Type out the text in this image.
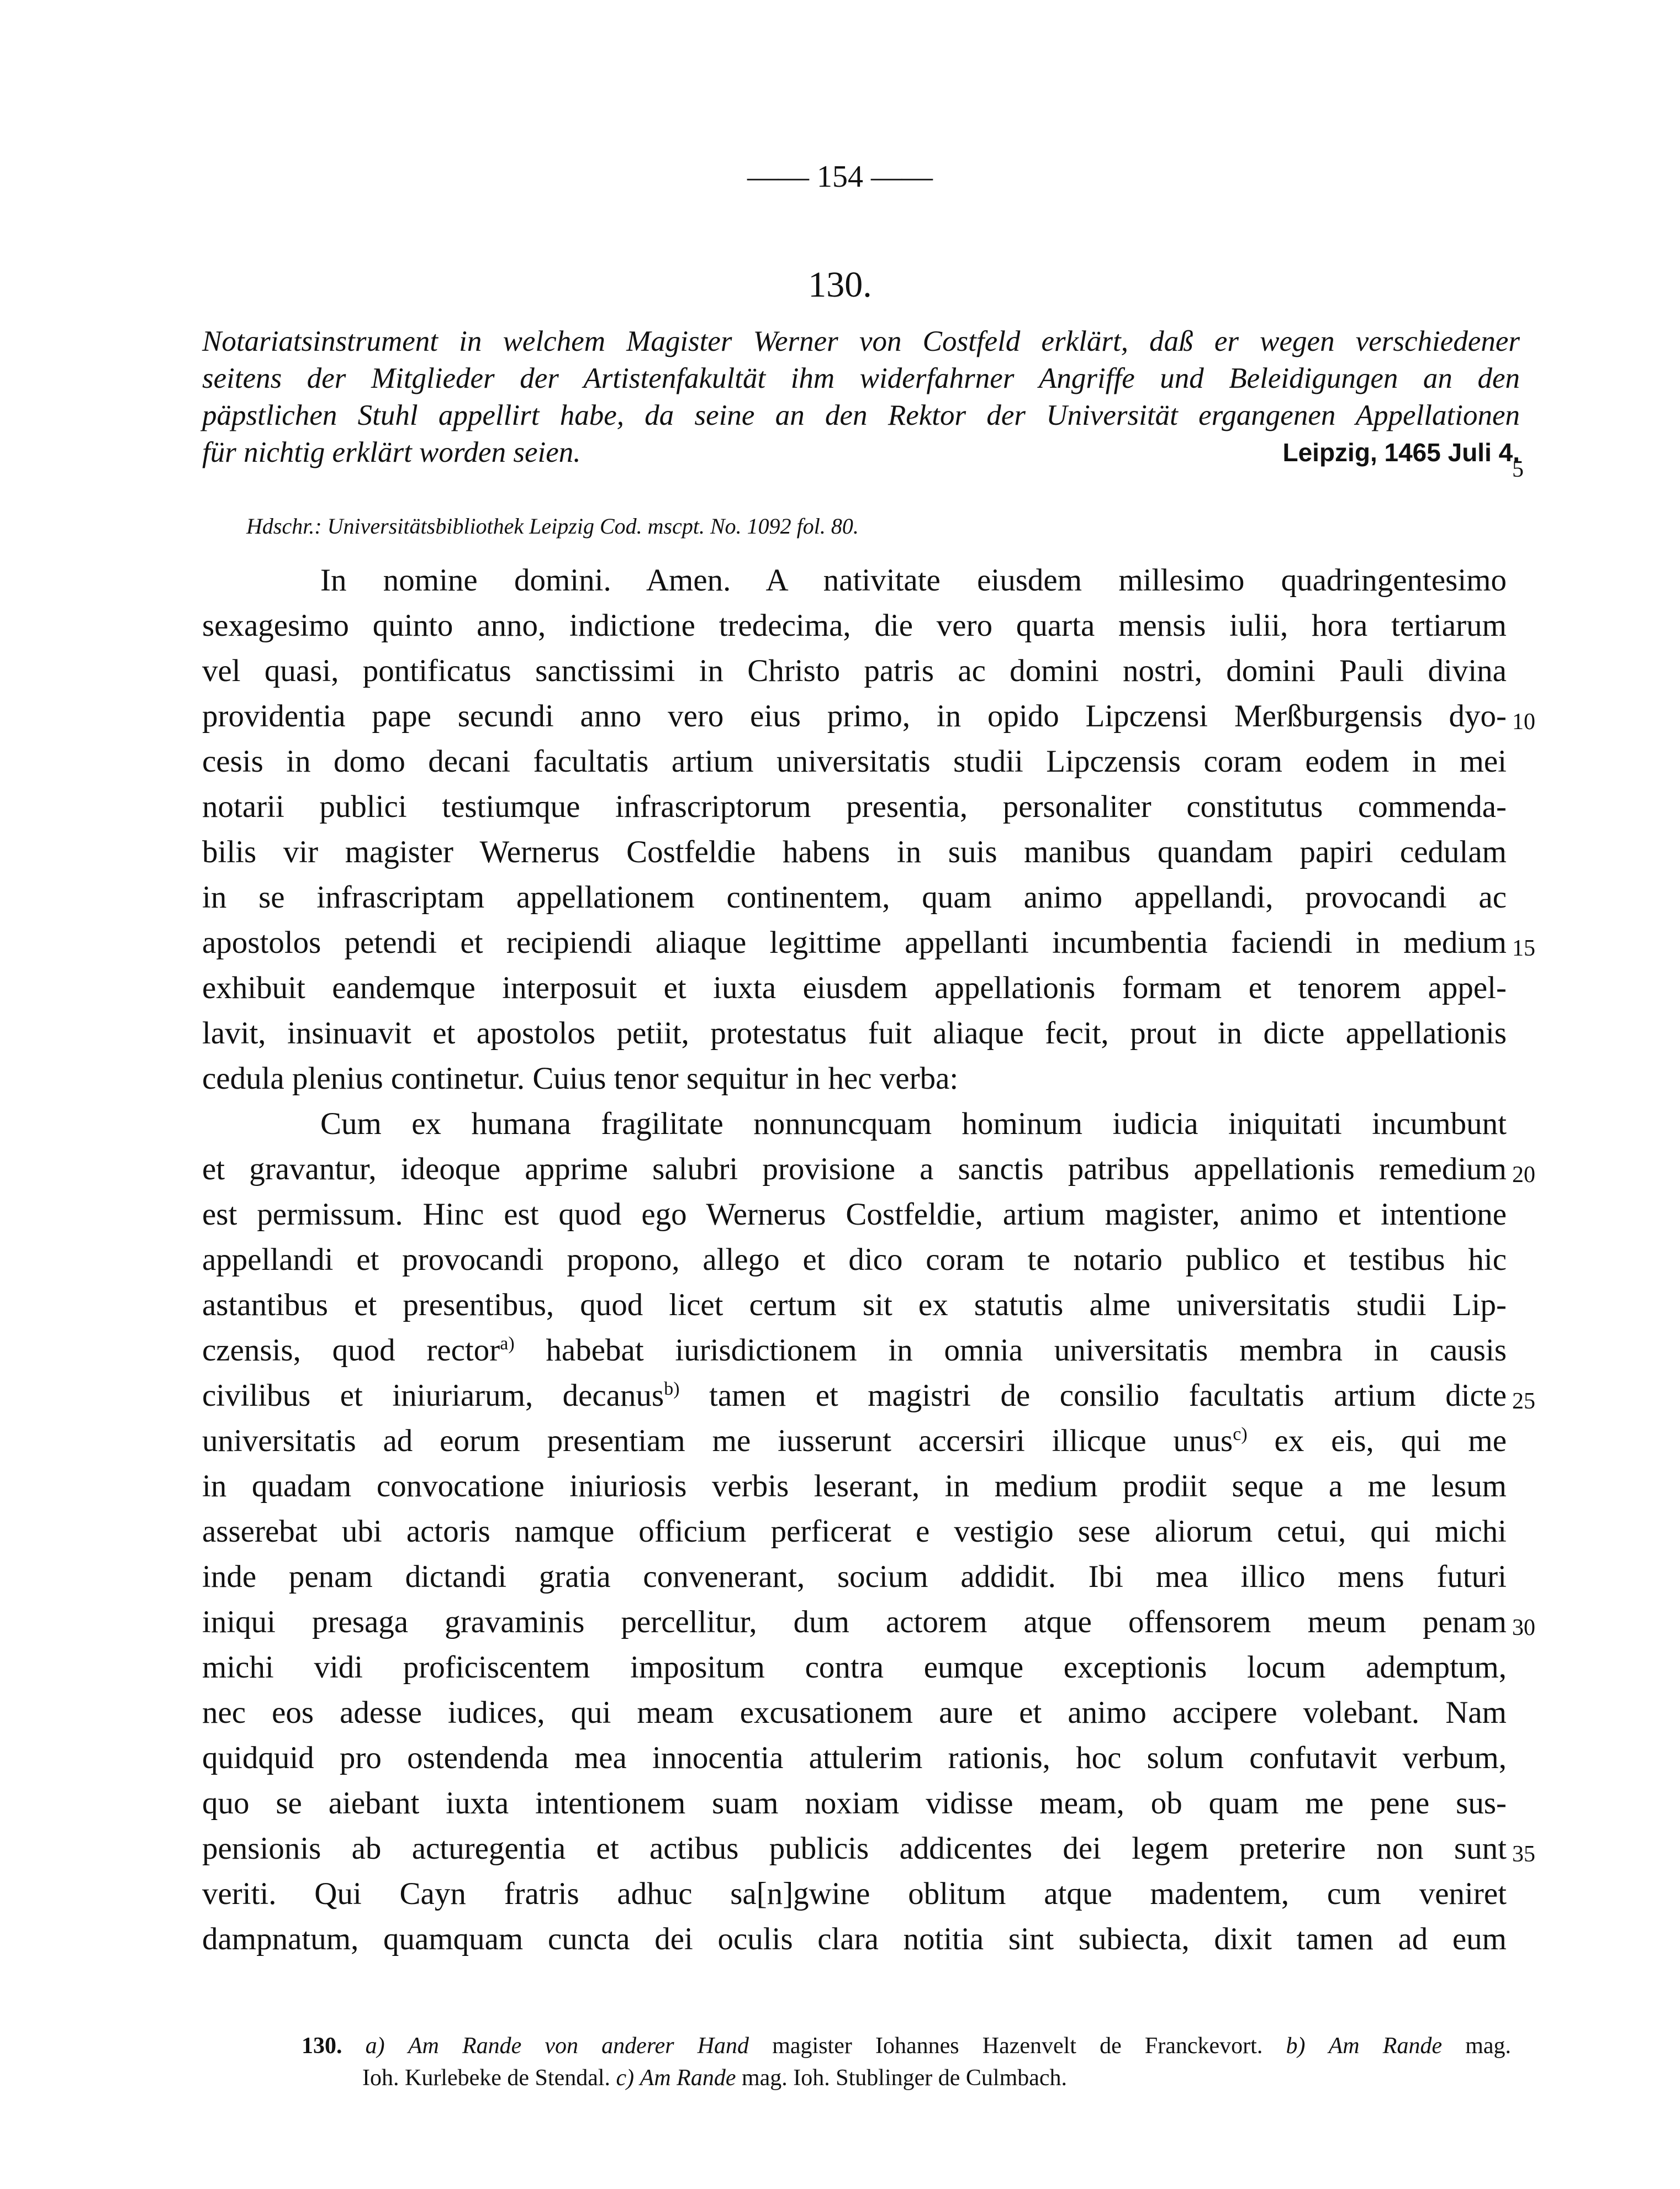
—— 154 ——
130.
Notariatsinstrument in welchem Magister Werner von Costfeld erklärt, daß er wegen verschiedener
seitens der Mitglieder der Artistenfakultät ihm widerfahrner Angriffe und Beleidigungen an den
päpstlichen Stuhl appellirt habe, da seine an den Rektor der Universität ergangenen Appellationen
für nichtig erklärt worden seien.	Leipzig, 1465 Juli 4.
5
Hdschr.: Universitätsbibliothek Leipzig Cod. mscpt. No. 1092 fol. 80.
In nomine domini. Amen. A nativitate eiusdem millesimo quadringentesimo
sexagesimo quinto anno, indictione tredecima, die vero quarta mensis iulii, hora tertiarum
vel quasi, pontificatus sanctissimi in Christo patris ac domini nostri, domini Pauli divina
providentia pape secundi anno vero eius primo, in opido Lipczensi Merßburgensis dyo-
cesis in domo decani facultatis artium universitatis studii Lipczensis coram eodem in mei
notarii publici testiumque infrascriptorum presentia, personaliter constitutus commenda-
bilis vir magister Wernerus Costfeldie habens in suis manibus quandam papiri cedulam
in se infrascriptam appellationem continentem, quam animo appellandi, provocandi ac
apostolos petendi et recipiendi aliaque legittime appellanti incumbentia faciendi in medium
exhibuit eandemque interposuit et iuxta eiusdem appellationis formam et tenorem appel-
lavit, insinuavit et apostolos petiit, protestatus fuit aliaque fecit, prout in dicte appellationis
cedula plenius continetur. Cuius tenor sequitur in hec verba:
Cum ex humana fragilitate nonnuncquam hominum iudicia iniquitati incumbunt
et gravantur, ideoque apprime salubri provisione a sanctis patribus appellationis remedium
est permissum. Hinc est quod ego Wernerus Costfeldie, artium magister, animo et intentione
appellandi et provocandi propono, allego et dico coram te notario publico et testibus hic
astantibus et presentibus, quod licet certum sit ex statutis alme universitatis studii Lip-
czensis, quod rector$^{a)}$ habebat iurisdictionem in omnia universitatis membra in causis
civilibus et iniuriarum, decanus$^{b)}$ tamen et magistri de consilio facultatis artium dicte
universitatis ad eorum presentiam me iusserunt accersiri illicque unus$^{c)}$ ex eis, qui me
in quadam convocatione iniuriosis verbis leserant, in medium prodiit seque a me lesum
asserebat ubi actoris namque officium perficerat e vestigio sese aliorum cetui, qui michi
inde penam dictandi gratia convenerant, socium addidit. Ibi mea illico mens futuri
iniqui presaga gravaminis percellitur, dum actorem atque offensorem meum penam
michi vidi proficiscentem impositum contra eumque exceptionis locum ademptum,
nec eos adesse iudices, qui meam excusationem aure et animo accipere volebant. Nam
quidquid pro ostendenda mea innocentia attulerim rationis, hoc solum confutavit verbum,
quo se aiebant iuxta intentionem suam noxiam vidisse meam, ob quam me pene sus-
pensionis ab acturegentia et actibus publicis addicentes dei legem preterire non sunt
veriti. Qui Cayn fratris adhuc sa[n]gwine oblitum atque madentem, cum veniret
dampnatum, quamquam cuncta dei oculis clara notitia sint subiecta, dixit tamen ad eum
10
15
20
25
30
35
130. a) Am Rande von anderer Hand magister Iohannes Hazenvelt de Franckevort. b) Am Rande mag.
Ioh. Kurlebeke de Stendal. c) Am Rande mag. Ioh. Stublinger de Culmbach.
